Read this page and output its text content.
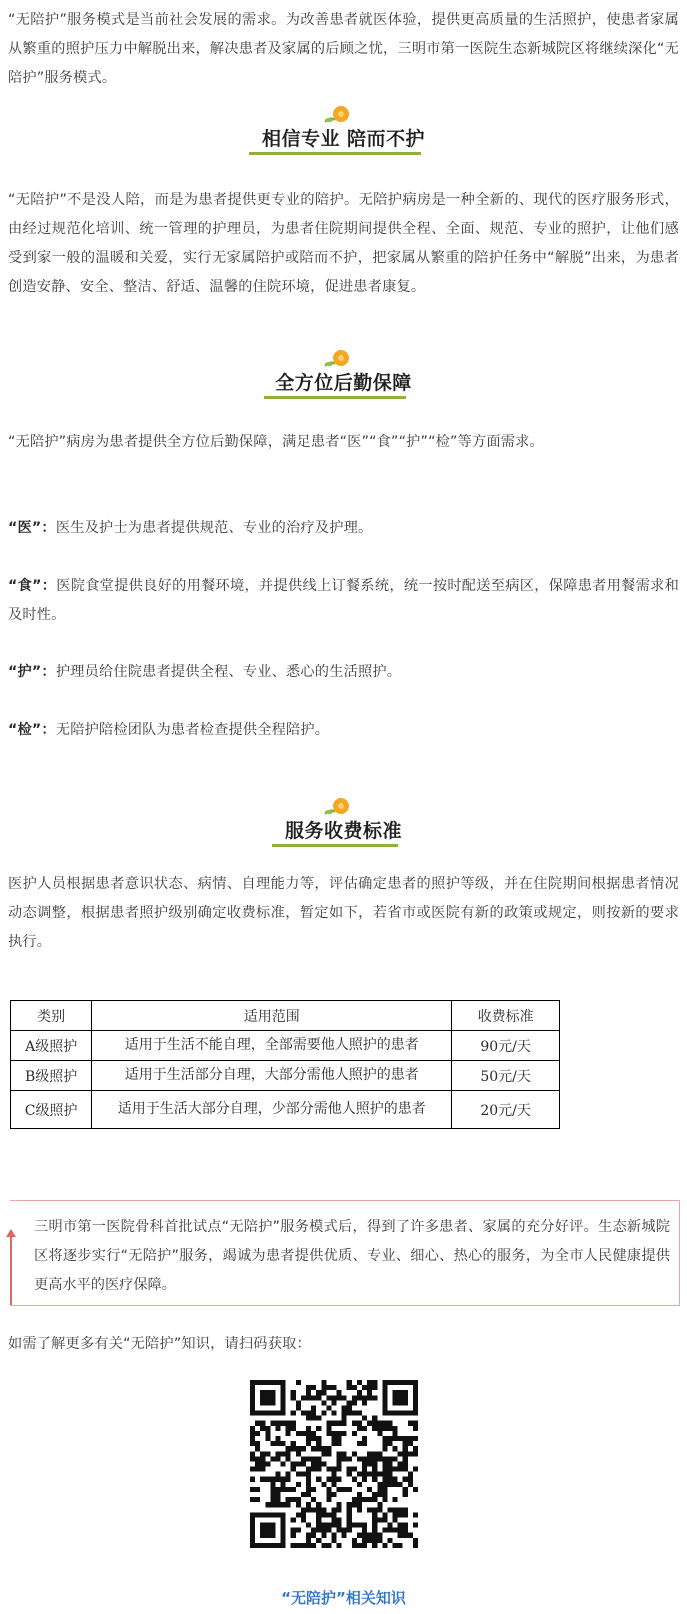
“无陪护”服务模式是当前社会发展的需求。为改善患者就医体验，提供更高质量的生活照护，使患者家属从繁重的照护压力中解脱出来，解决患者及家属的后顾之忧，三明市第一医院生态新城院区将继续深化“无陪护”服务模式。

相信专业 陪而不护

“无陪护”不是没人陪，而是为患者提供更专业的陪护。无陪护病房是一种全新的、现代的医疗服务形式，由经过规范化培训、统一管理的护理员，为患者住院期间提供全程、全面、规范、专业的照护，让他们感受到家一般的温暖和关爱，实行无家属陪护或陪而不护，把家属从繁重的陪护任务中“解脱”出来，为患者创造安静、安全、整洁、舒适、温馨的住院环境，促进患者康复。

全方位后勤保障

“无陪护”病房为患者提供全方位后勤保障，满足患者“医”“食”“护”“检”等方面需求。

“医”：医生及护士为患者提供规范、专业的治疗及护理。

“食”：医院食堂提供良好的用餐环境，并提供线上订餐系统，统一按时配送至病区，保障患者用餐需求和及时性。

“护”：护理员给住院患者提供全程、专业、悉心的生活照护。

“检”：无陪护陪检团队为患者检查提供全程陪护。

服务收费标准

医护人员根据患者意识状态、病情、自理能力等，评估确定患者的照护等级，并在住院期间根据患者情况动态调整，根据患者照护级别确定收费标准，暂定如下，若省市或医院有新的政策或规定，则按新的要求执行。

类别	适用范围	收费标准
A级照护	适用于生活不能自理，全部需要他人照护的患者	90元/天
B级照护	适用于生活部分自理，大部分需他人照护的患者	50元/天
C级照护	适用于生活大部分自理，少部分需他人照护的患者	20元/天

三明市第一医院骨科首批试点“无陪护”服务模式后，得到了许多患者、家属的充分好评。生态新城院区将逐步实行“无陪护”服务，竭诚为患者提供优质、专业、细心、热心的服务，为全市人民健康提供更高水平的医疗保障。

如需了解更多有关“无陪护”知识，请扫码获取：

“无陪护”相关知识
